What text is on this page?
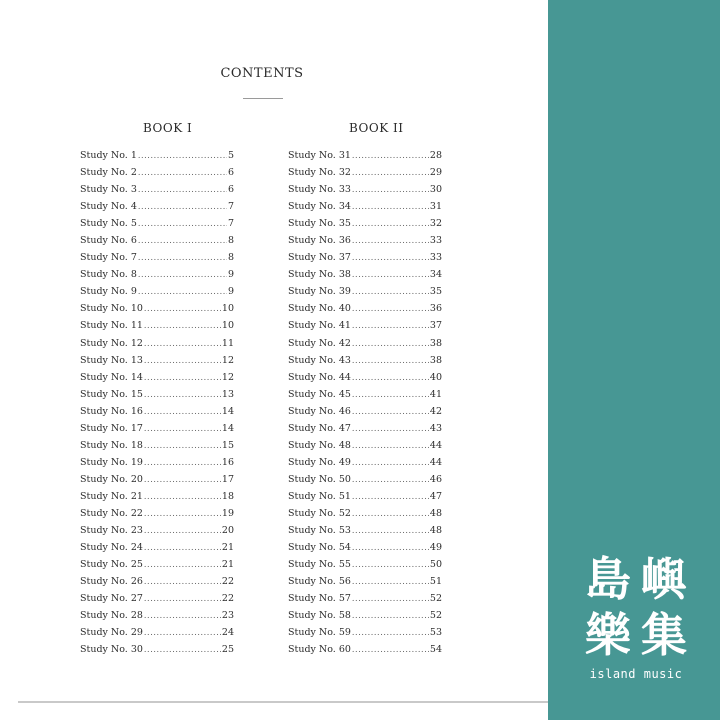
CONTENTS
BOOK I	BOOK II
Study No. 1 .....	5
Study No. 2 .....	6
Study No. 3 .....	6
Study No. 4 .....	7
Study No. 5 .....	7
Study No. 6 .....	8
Study No. 7 .....	8
Study No. 8 .....	9
Study No. 9 .....	9
Study No. 10 .....	10
Study No. 11 .....	10
Study No. 12 .....	11
Study No. 13 .....	12
Study No. 14 .....	12
Study No. 15 .....	13
Study No. 16 .....	14
Study No. 17 .....	14
Study No. 18 .....	15
Study No. 19 .....	16
Study No. 20 .....	17
Study No. 21 .....	18
Study No. 22 .....	19
Study No. 23 .....	20
Study No. 24 .....	21
Study No. 25 .....	21
Study No. 26 .....	22
Study No. 27 .....	22
Study No. 28 .....	23
Study No. 29 .....	24
Study No. 30 .....	25
Study No. 31 .....	28
Study No. 32 .....	29
Study No. 33 .....	30
Study No. 34 .....	31
Study No. 35 .....	32
Study No. 36 .....	33
Study No. 37 .....	33
Study No. 38 .....	34
Study No. 39 .....	35
Study No. 40 .....	36
Study No. 41 .....	37
Study No. 42 .....	38
Study No. 43 .....	38
Study No. 44 .....	40
Study No. 45 .....	41
Study No. 46 .....	42
Study No. 47 .....	43
Study No. 48 .....	44
Study No. 49 .....	44
Study No. 50 .....	46
Study No. 51 .....	47
Study No. 52 .....	48
Study No. 53 .....	48
Study No. 54 .....	49
Study No. 55 .....	50
Study No. 56 .....	51
Study No. 57 .....	52
Study No. 58 .....	52
Study No. 59 .....	53
Study No. 60 .....	54
島 嶼
樂 集
island music
